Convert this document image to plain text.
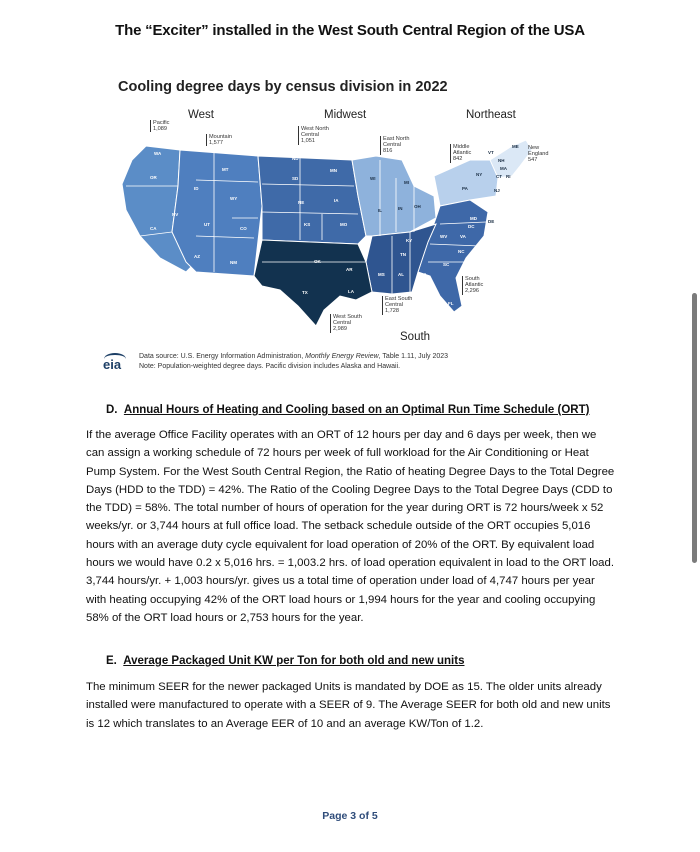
The “Exciter” installed in the West South Central Region of the USA
Cooling degree days by census division in 2022
West	Midwest	Northeast
South
WA
OR
CA
NV
ID
MT
WY
UT
CO
AZ
NM
ND
SD
NE
KS
MN
IA
MO
OK
TX
AR
LA
WI
MI
IL	IN	OH
KY
TN
MS	AL	GA
FL
SC
NC
VA
WV
NY
PA
VT
NH
ME
MA
CT RI
NJ
DE
MD
DC
Pacific
1,089
Mountain
1,577
West North Central
1,051	East North Central
816
Middle Atlantic
842
New England
547
South Atlantic
2,296
East South Central
1,728
West South Central
2,989
eia
Data source: U.S. Energy Information Administration, Monthly Energy Review, Table 1.11, July 2023
Note: Population-weighted degree days. Pacific division includes Alaska and Hawaii.
D. Annual Hours of Heating and Cooling based on an Optimal Run Time Schedule (ORT)
If the average Office Facility operates with an ORT of 12 hours per day and 6 days per week, then we can assign a working schedule of 72 hours per week of full workload for the Air Conditioning or Heat Pump System. For the West South Central Region, the Ratio of heating Degree Days to the Total Degree Days (HDD to the TDD) = 42%. The Ratio of the Cooling Degree Days to the Total Degree Days (CDD to the TDD) = 58%. The total number of hours of operation for the year during ORT is 72 hours/week x 52 weeks/yr. or 3,744 hours at full office load. The setback schedule outside of the ORT occupies 5,016 hours with an average duty cycle equivalent for load operation of 20% of the ORT. By equivalent load hours we would have 0.2 x 5,016 hrs. = 1,003.2 hrs. of load operation equivalent in load to the ORT load. 3,744 hours/yr. + 1,003 hours/yr. gives us a total time of operation under load of 4,747 hours per year with heating occupying 42% of the ORT load hours or 1,994 hours for the year and cooling occupying 58% of the ORT load hours or 2,753 hours for the year.
E. Average Packaged Unit KW per Ton for both old and new units
The minimum SEER for the newer packaged Units is mandated by DOE as 15. The older units already installed were manufactured to operate with a SEER of 9. The Average SEER for both old and new units is 12 which translates to an Average EER of 10 and an average KW/Ton of 1.2.
Page 3 of 5
